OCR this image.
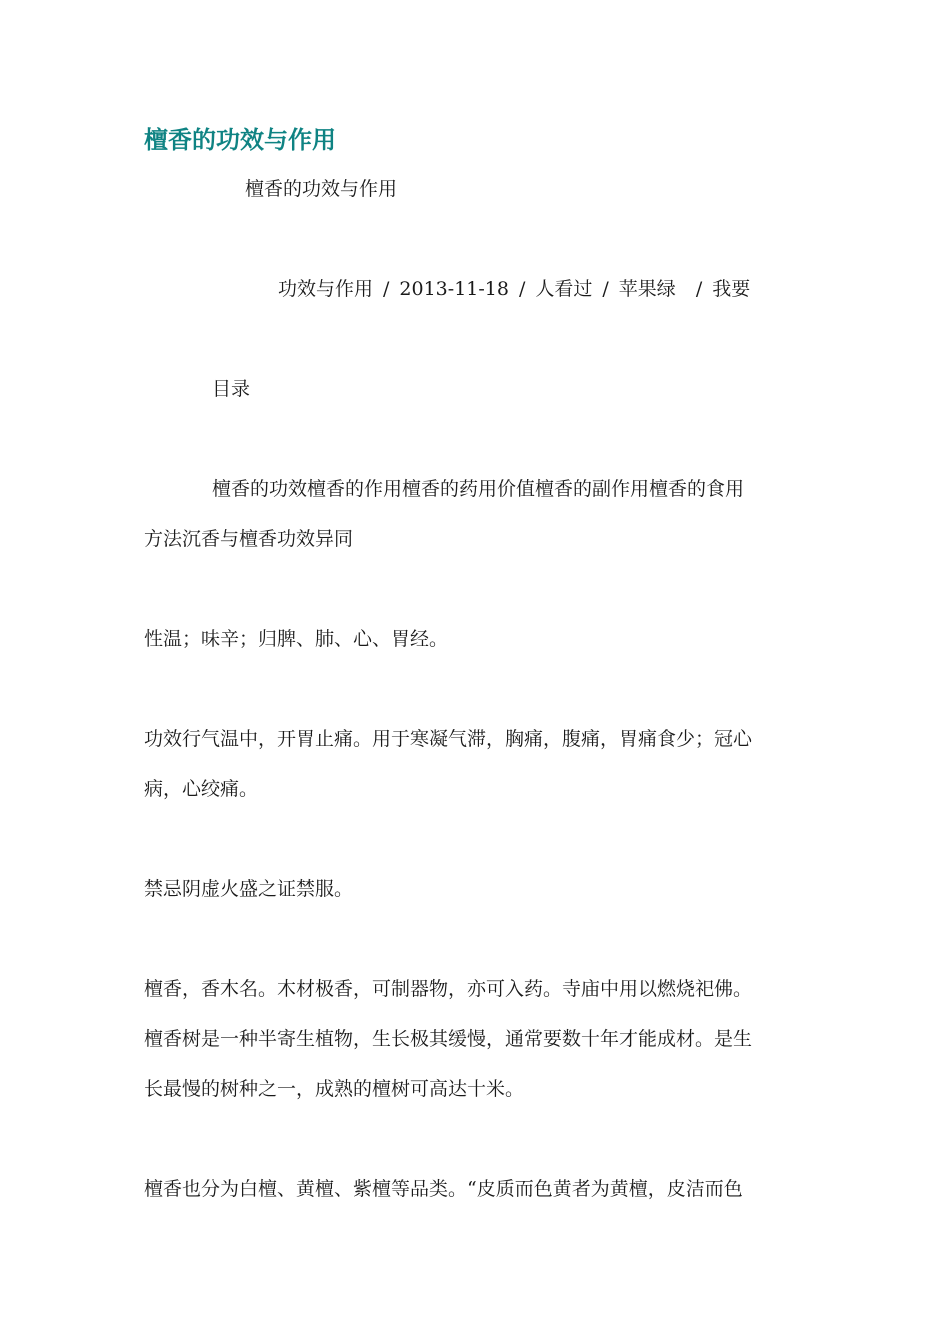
檀香的功效与作用

檀香的功效与作用

功效与作用 / 2013-11-18 / 人看过 / 苹果绿 / 我要

目录

檀香的功效檀香的作用檀香的药用价值檀香的副作用檀香的食用
方法沉香与檀香功效异同

性温；味辛；归脾、肺、心、胃经。

功效行气温中，开胃止痛。用于寒凝气滞，胸痛，腹痛，胃痛食少；冠心
病，心绞痛。

禁忌阴虚火盛之证禁服。

檀香，香木名。木材极香，可制器物，亦可入药。寺庙中用以燃烧祀佛。
檀香树是一种半寄生植物，生长极其缓慢，通常要数十年才能成材。是生
长最慢的树种之一，成熟的檀树可高达十米。

檀香也分为白檀、黄檀、紫檀等品类。“皮质而色黄者为黄檀，皮洁而色
